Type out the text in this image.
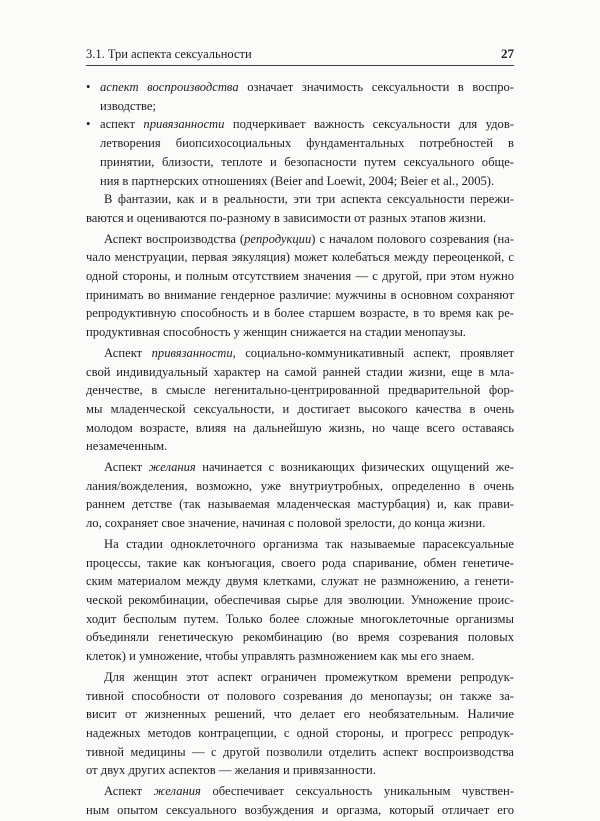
3.1. Три аспекта сексуальности	27
• аспект воспроизводства означает значимость сексуальности в воспро-
изводстве;
• аспект привязанности подчеркивает важность сексуальности для удов-
летворения биопсихосоциальных фундаментальных потребностей в
принятии, близости, теплоте и безопасности путем сексуального обще-
ния в партнерских отношениях (Beier and Loewit, 2004; Beier et al., 2005).
В фантазии, как и в реальности, эти три аспекта сексуальности пережи-
ваются и оцениваются по-разному в зависимости от разных этапов жизни.
Аспект воспроизводства (репродукции) с началом полового созревания (на-
чало менструации, первая эякуляция) может колебаться между переоценкой, с
одной стороны, и полным отсутствием значения — с другой, при этом нужно
принимать во внимание гендерное различие: мужчины в основном сохраняют
репродуктивную способность и в более старшем возрасте, в то время как ре-
продуктивная способность у женщин снижается на стадии менопаузы.
Аспект привязанности, социально-коммуникативный аспект, проявляет
свой индивидуальный характер на самой ранней стадии жизни, еще в мла-
денчестве, в смысле негенитально-центрированной предварительной фор-
мы младенческой сексуальности, и достигает высокого качества в очень
молодом возрасте, влияя на дальнейшую жизнь, но чаще всего оставаясь
незамеченным.
Аспект желания начинается с возникающих физических ощущений же-
лания/вожделения, возможно, уже внутриутробных, определенно в очень
раннем детстве (так называемая младенческая мастурбация) и, как прави-
ло, сохраняет свое значение, начиная с половой зрелости, до конца жизни.
На стадии одноклеточного организма так называемые парасексуальные
процессы, такие как конъюгация, своего рода спаривание, обмен генетиче-
ским материалом между двумя клетками, служат не размножению, а генети-
ческой рекомбинации, обеспечивая сырье для эволюции. Умножение проис-
ходит бесполым путем. Только более сложные многоклеточные организмы
объединяли генетическую рекомбинацию (во время созревания половых
клеток) и умножение, чтобы управлять размножением как мы его знаем.
Для женщин этот аспект ограничен промежутком времени репродук-
тивной способности от полового созревания до менопаузы; он также за-
висит от жизненных решений, что делает его необязательным. Наличие
надежных методов контрацепции, с одной стороны, и прогресс репродук-
тивной медицины — с другой позволили отделить аспект воспроизводства
от двух других аспектов — желания и привязанности.
Аспект желания обеспечивает сексуальность уникальным чувствен-
ным опытом сексуального возбуждения и оргазма, который отличает его
